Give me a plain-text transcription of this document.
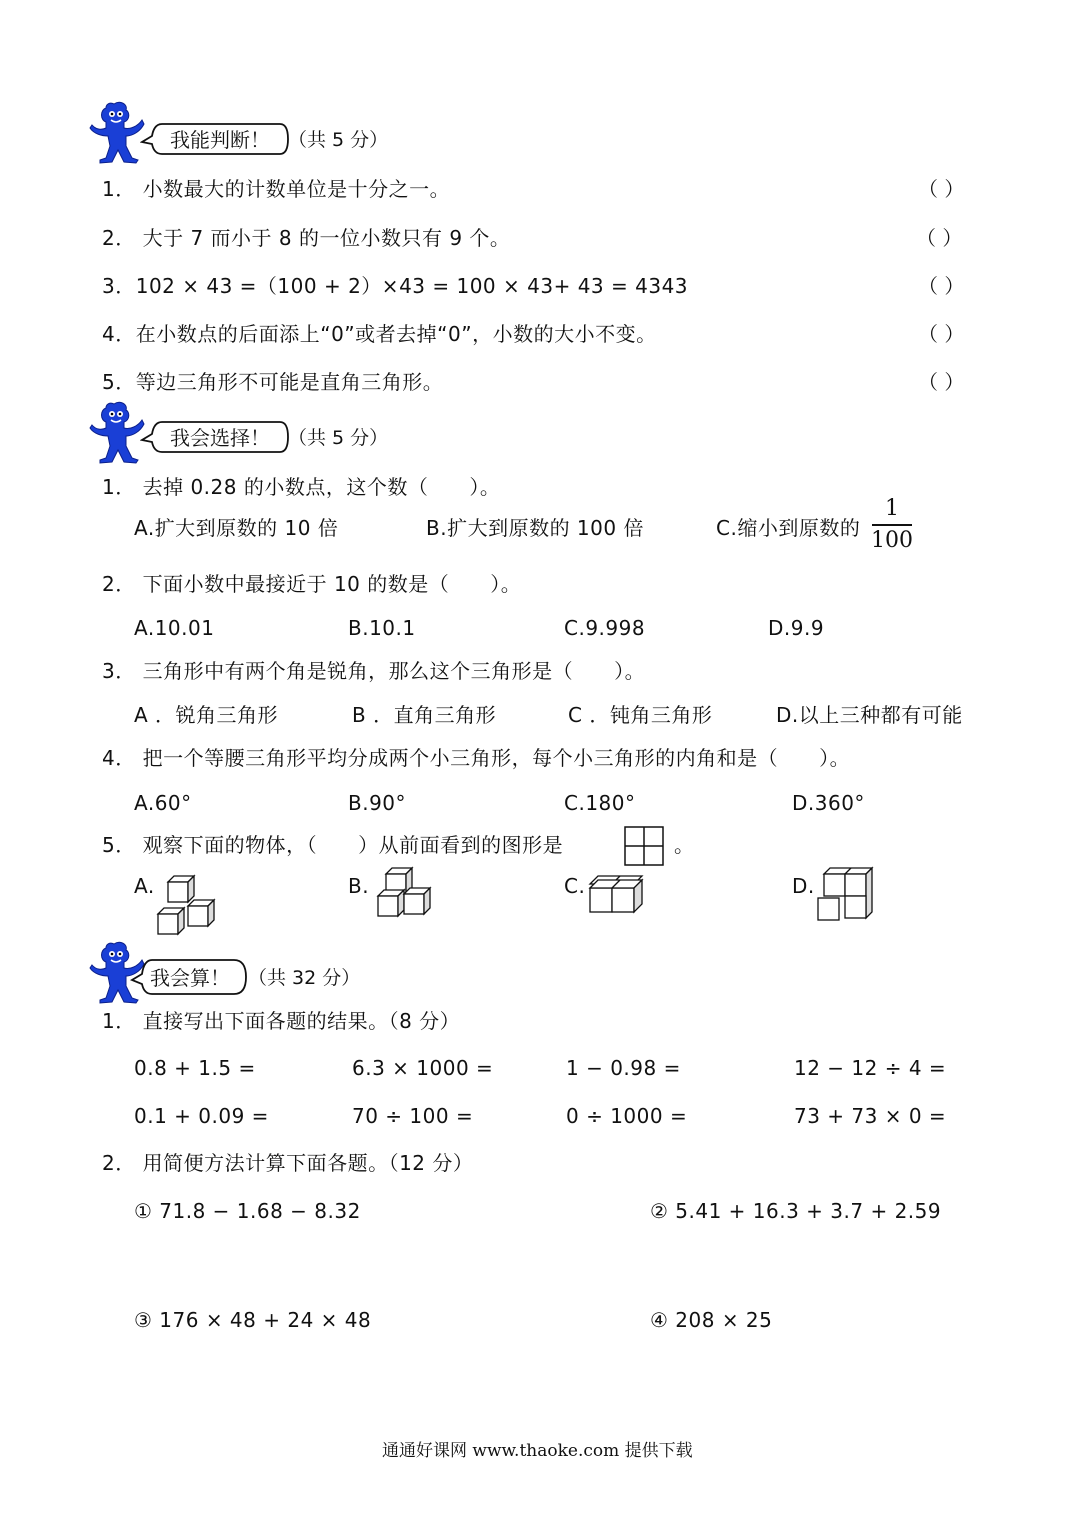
我能判断！ （共 5 分）
1． 小数最大的计数单位是十分之一。	（ ）
2． 大于 7 而小于 8 的一位小数只有 9 个。	（ ）
3．102 × 43 =（100 + 2）×43 = 100 × 43+ 43 = 4343	（ ）
4．在小数点的后面添上“0”或者去掉“0”，小数的大小不变。	（ ）
5．等边三角形不可能是直角三角形。	（ ）
我会选择！ （共 5 分）
1． 去掉 0.28 的小数点，这个数（　　）。
A.扩大到原数的 10 倍	B.扩大到原数的 100 倍	C.缩小到原数的
1
100
2． 下面小数中最接近于 10 的数是（　　）。
A.10.01	B.10.1	C.9.998	D.9.9
3． 三角形中有两个角是锐角，那么这个三角形是（　　）。
A ．锐角三角形	B ．直角三角形	C ．钝角三角形	D.以上三种都有可能
4． 把一个等腰三角形平均分成两个小三角形，每个小三角形的内角和是（　　）。
A.60°	B.90°	C.180°	D.360°
5． 观察下面的物体，（　　）从前面看到的图形是	。
A.	B.	C.	D.
我会算！ （共 32 分）
1． 直接写出下面各题的结果。（8 分）
0.8 + 1.5 =	6.3 × 1000 =	1 − 0.98 =	12 − 12 ÷ 4 =
0.1 + 0.09 =	70 ÷ 100 =	0 ÷ 1000 =	73 + 73 × 0 =
2． 用简便方法计算下面各题。（12 分）
① 71.8 − 1.68 − 8.32	② 5.41 + 16.3 + 3.7 + 2.59
③ 176 × 48 + 24 × 48	④ 208 × 25
通通好课网 www.thaoke.com 提供下载
